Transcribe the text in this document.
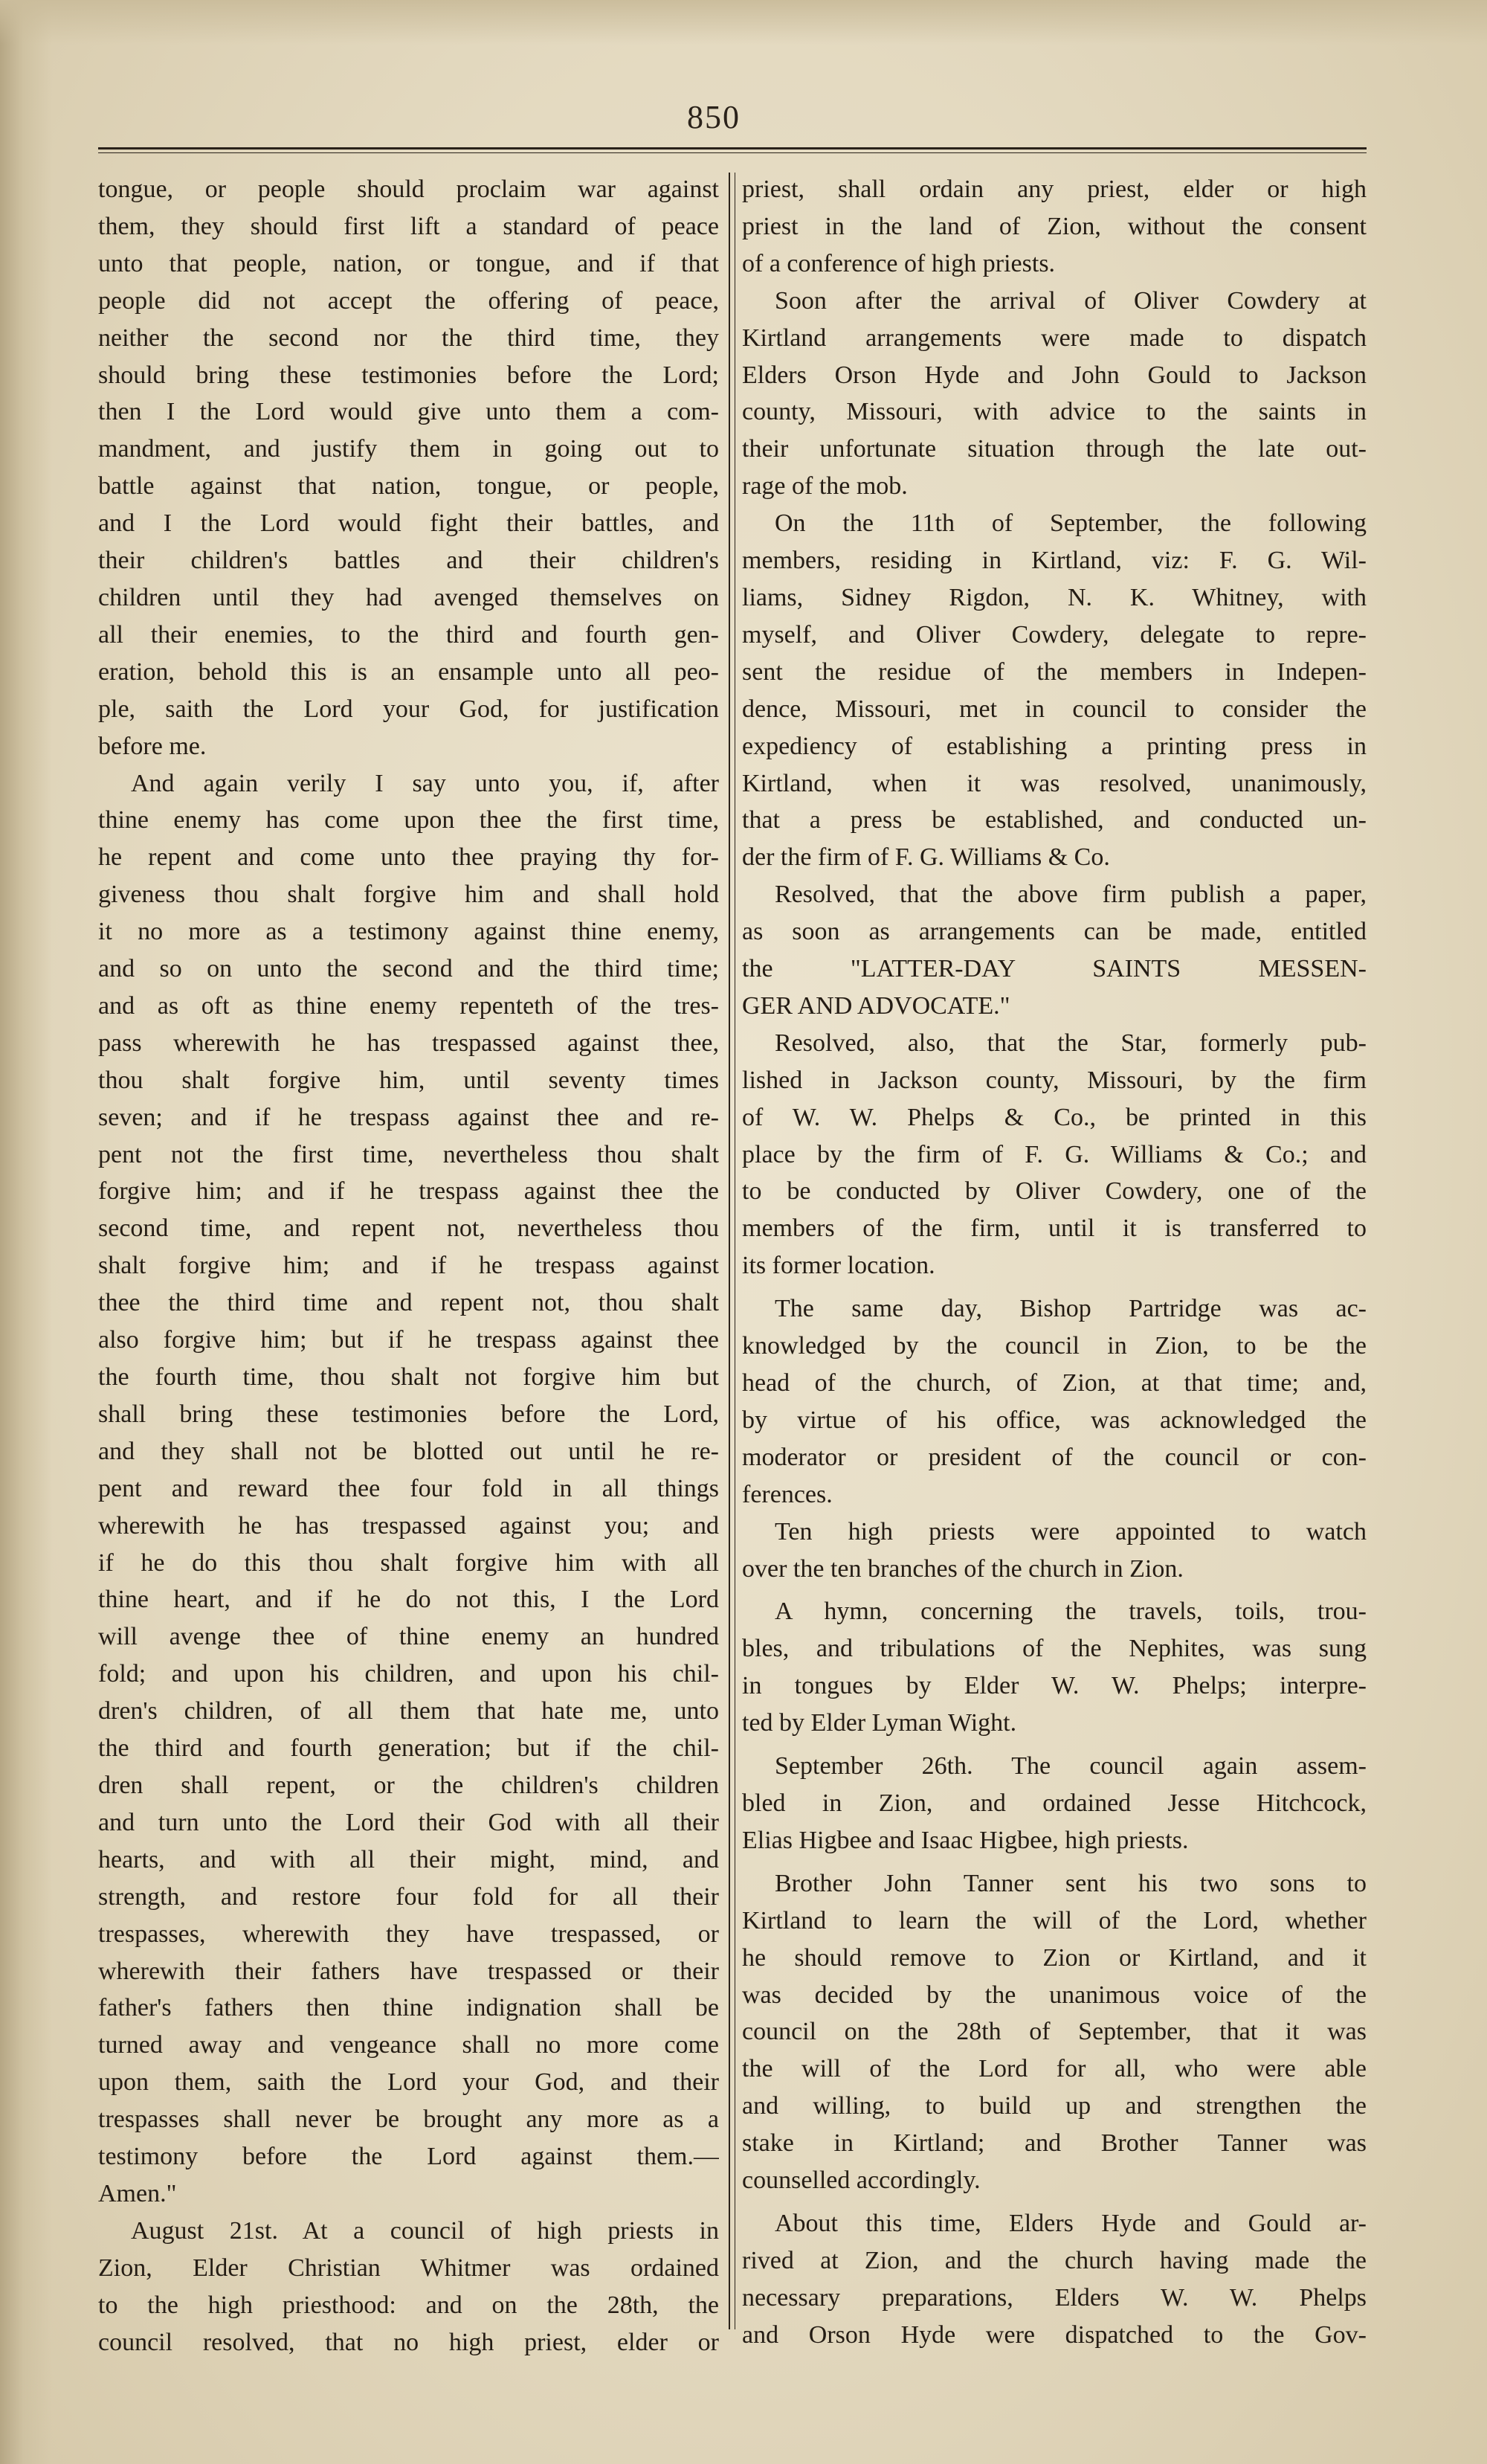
850
tongue, or people should proclaim war against
them, they should first lift a standard of peace
unto that people, nation, or tongue, and if that
people did not accept the offering of peace,
neither the second nor the third time, they
should bring these testimonies before the Lord;
then I the Lord would give unto them a com-
mandment, and justify them in going out to
battle against that nation, tongue, or people,
and I the Lord would fight their battles, and
their children's battles and their children's
children until they had avenged themselves on
all their enemies, to the third and fourth gen-
eration, behold this is an ensample unto all peo-
ple, saith the Lord your God, for justification
before me.
And again verily I say unto you, if, after
thine enemy has come upon thee the first time,
he repent and come unto thee praying thy for-
giveness thou shalt forgive him and shall hold
it no more as a testimony against thine enemy,
and so on unto the second and the third time;
and as oft as thine enemy repenteth of the tres-
pass wherewith he has trespassed against thee,
thou shalt forgive him, until seventy times
seven; and if he trespass against thee and re-
pent not the first time, nevertheless thou shalt
forgive him; and if he trespass against thee the
second time, and repent not, nevertheless thou
shalt forgive him; and if he trespass against
thee the third time and repent not, thou shalt
also forgive him; but if he trespass against thee
the fourth time, thou shalt not forgive him but
shall bring these testimonies before the Lord,
and they shall not be blotted out until he re-
pent and reward thee four fold in all things
wherewith he has trespassed against you; and
if he do this thou shalt forgive him with all
thine heart, and if he do not this, I the Lord
will avenge thee of thine enemy an hundred
fold; and upon his children, and upon his chil-
dren's children, of all them that hate me, unto
the third and fourth generation; but if the chil-
dren shall repent, or the children's children
and turn unto the Lord their God with all their
hearts, and with all their might, mind, and
strength, and restore four fold for all their
trespasses, wherewith they have trespassed, or
wherewith their fathers have trespassed or their
father's fathers then thine indignation shall be
turned away and vengeance shall no more come
upon them, saith the Lord your God, and their
trespasses shall never be brought any more as a
testimony before the Lord against them.—
Amen."
August 21st. At a council of high priests in
Zion, Elder Christian Whitmer was ordained
to the high priesthood: and on the 28th, the
council resolved, that no high priest, elder or
priest, shall ordain any priest, elder or high
priest in the land of Zion, without the consent
of a conference of high priests.
Soon after the arrival of Oliver Cowdery at
Kirtland arrangements were made to dispatch
Elders Orson Hyde and John Gould to Jackson
county, Missouri, with advice to the saints in
their unfortunate situation through the late out-
rage of the mob.
On the 11th of September, the following
members, residing in Kirtland, viz: F. G. Wil-
liams, Sidney Rigdon, N. K. Whitney, with
myself, and Oliver Cowdery, delegate to repre-
sent the residue of the members in Indepen-
dence, Missouri, met in council to consider the
expediency of establishing a printing press in
Kirtland, when it was resolved, unanimously,
that a press be established, and conducted un-
der the firm of F. G. Williams & Co.
Resolved, that the above firm publish a paper,
as soon as arrangements can be made, entitled
the "LATTER-DAY SAINTS MESSEN-
GER AND ADVOCATE."
Resolved, also, that the Star, formerly pub-
lished in Jackson county, Missouri, by the firm
of W. W. Phelps & Co., be printed in this
place by the firm of F. G. Williams & Co.; and
to be conducted by Oliver Cowdery, one of the
members of the firm, until it is transferred to
its former location.
The same day, Bishop Partridge was ac-
knowledged by the council in Zion, to be the
head of the church, of Zion, at that time; and,
by virtue of his office, was acknowledged the
moderator or president of the council or con-
ferences.
Ten high priests were appointed to watch
over the ten branches of the church in Zion.
A hymn, concerning the travels, toils, trou-
bles, and tribulations of the Nephites, was sung
in tongues by Elder W. W. Phelps; interpre-
ted by Elder Lyman Wight.
September 26th. The council again assem-
bled in Zion, and ordained Jesse Hitchcock,
Elias Higbee and Isaac Higbee, high priests.
Brother John Tanner sent his two sons to
Kirtland to learn the will of the Lord, whether
he should remove to Zion or Kirtland, and it
was decided by the unanimous voice of the
council on the 28th of September, that it was
the will of the Lord for all, who were able
and willing, to build up and strengthen the
stake in Kirtland; and Brother Tanner was
counselled accordingly.
About this time, Elders Hyde and Gould ar-
rived at Zion, and the church having made the
necessary preparations, Elders W. W. Phelps
and Orson Hyde were dispatched to the Gov-
